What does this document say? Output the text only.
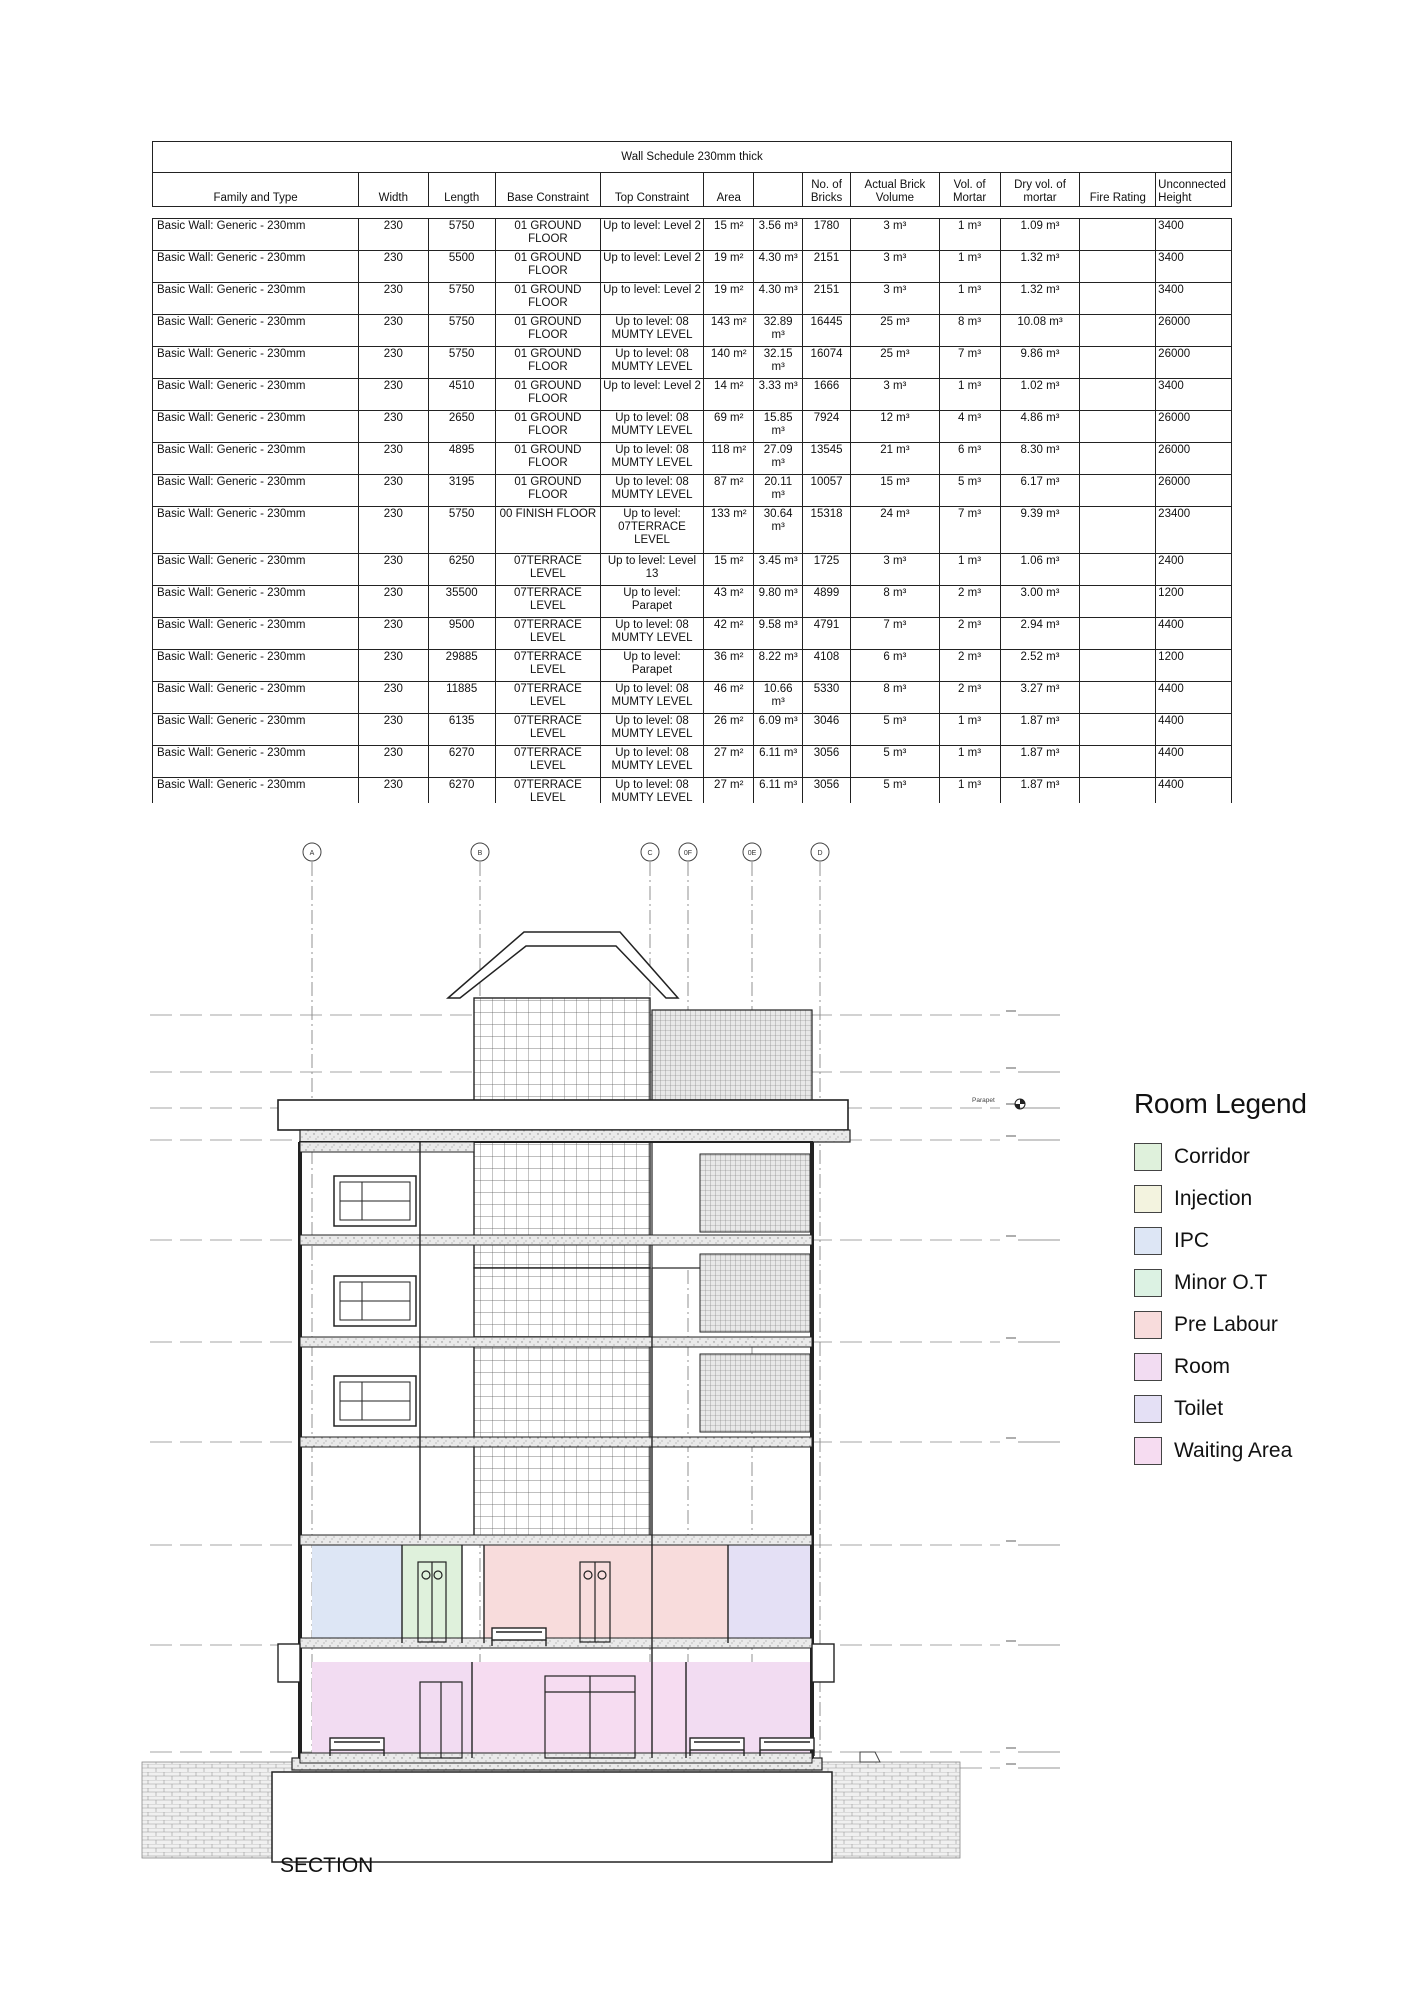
Wall Schedule 230mm thick												
Family and Type	Width	Length	Base Constraint	Top Constraint	Area		No. of Bricks	Actual Brick Volume	Vol. of Mortar	Dry vol. of mortar	Fire Rating	Unconnected Height

Basic Wall: Generic - 230mm	230	5750	01 GROUND FLOOR	Up to level: Level 2	15 m²	3.56 m³	1780	3 m³	1 m³	1.09 m³		3400
Basic Wall: Generic - 230mm	230	5500	01 GROUND FLOOR	Up to level: Level 2	19 m²	4.30 m³	2151	3 m³	1 m³	1.32 m³		3400
Basic Wall: Generic - 230mm	230	5750	01 GROUND FLOOR	Up to level: Level 2	19 m²	4.30 m³	2151	3 m³	1 m³	1.32 m³		3400
Basic Wall: Generic - 230mm	230	5750	01 GROUND FLOOR	Up to level: 08 MUMTY LEVEL	143 m²	32.89 m³	16445	25 m³	8 m³	10.08 m³		26000
Basic Wall: Generic - 230mm	230	5750	01 GROUND FLOOR	Up to level: 08 MUMTY LEVEL	140 m²	32.15 m³	16074	25 m³	7 m³	9.86 m³		26000
Basic Wall: Generic - 230mm	230	4510	01 GROUND FLOOR	Up to level: Level 2	14 m²	3.33 m³	1666	3 m³	1 m³	1.02 m³		3400
Basic Wall: Generic - 230mm	230	2650	01 GROUND FLOOR	Up to level: 08 MUMTY LEVEL	69 m²	15.85 m³	7924	12 m³	4 m³	4.86 m³		26000
Basic Wall: Generic - 230mm	230	4895	01 GROUND FLOOR	Up to level: 08 MUMTY LEVEL	118 m²	27.09 m³	13545	21 m³	6 m³	8.30 m³		26000
Basic Wall: Generic - 230mm	230	3195	01 GROUND FLOOR	Up to level: 08 MUMTY LEVEL	87 m²	20.11 m³	10057	15 m³	5 m³	6.17 m³		26000
Basic Wall: Generic - 230mm	230	5750	00 FINISH FLOOR	Up to level: 07TERRACE LEVEL	133 m²	30.64 m³	15318	24 m³	7 m³	9.39 m³		23400
Basic Wall: Generic - 230mm	230	6250	07TERRACE LEVEL	Up to level: Level 13	15 m²	3.45 m³	1725	3 m³	1 m³	1.06 m³		2400
Basic Wall: Generic - 230mm	230	35500	07TERRACE LEVEL	Up to level: Parapet	43 m²	9.80 m³	4899	8 m³	2 m³	3.00 m³		1200
Basic Wall: Generic - 230mm	230	9500	07TERRACE LEVEL	Up to level: 08 MUMTY LEVEL	42 m²	9.58 m³	4791	7 m³	2 m³	2.94 m³		4400
Basic Wall: Generic - 230mm	230	29885	07TERRACE LEVEL	Up to level: Parapet	36 m²	8.22 m³	4108	6 m³	2 m³	2.52 m³		1200
Basic Wall: Generic - 230mm	230	11885	07TERRACE LEVEL	Up to level: 08 MUMTY LEVEL	46 m²	10.66 m³	5330	8 m³	2 m³	3.27 m³		4400
Basic Wall: Generic - 230mm	230	6135	07TERRACE LEVEL	Up to level: 08 MUMTY LEVEL	26 m²	6.09 m³	3046	5 m³	1 m³	1.87 m³		4400
Basic Wall: Generic - 230mm	230	6270	07TERRACE LEVEL	Up to level: 08 MUMTY LEVEL	27 m²	6.11 m³	3056	5 m³	1 m³	1.87 m³		4400
Basic Wall: Generic - 230mm	230	6270	07TERRACE LEVEL	Up to level: 08 MUMTY LEVEL	27 m²	6.11 m³	3056	5 m³	1 m³	1.87 m³		4400
A	B	C	0F	0E	D
Parapet	Room Legend
Corridor
Injection
IPC
Minor O.T
Pre Labour
Room
Toilet
Waiting Area
SECTION
